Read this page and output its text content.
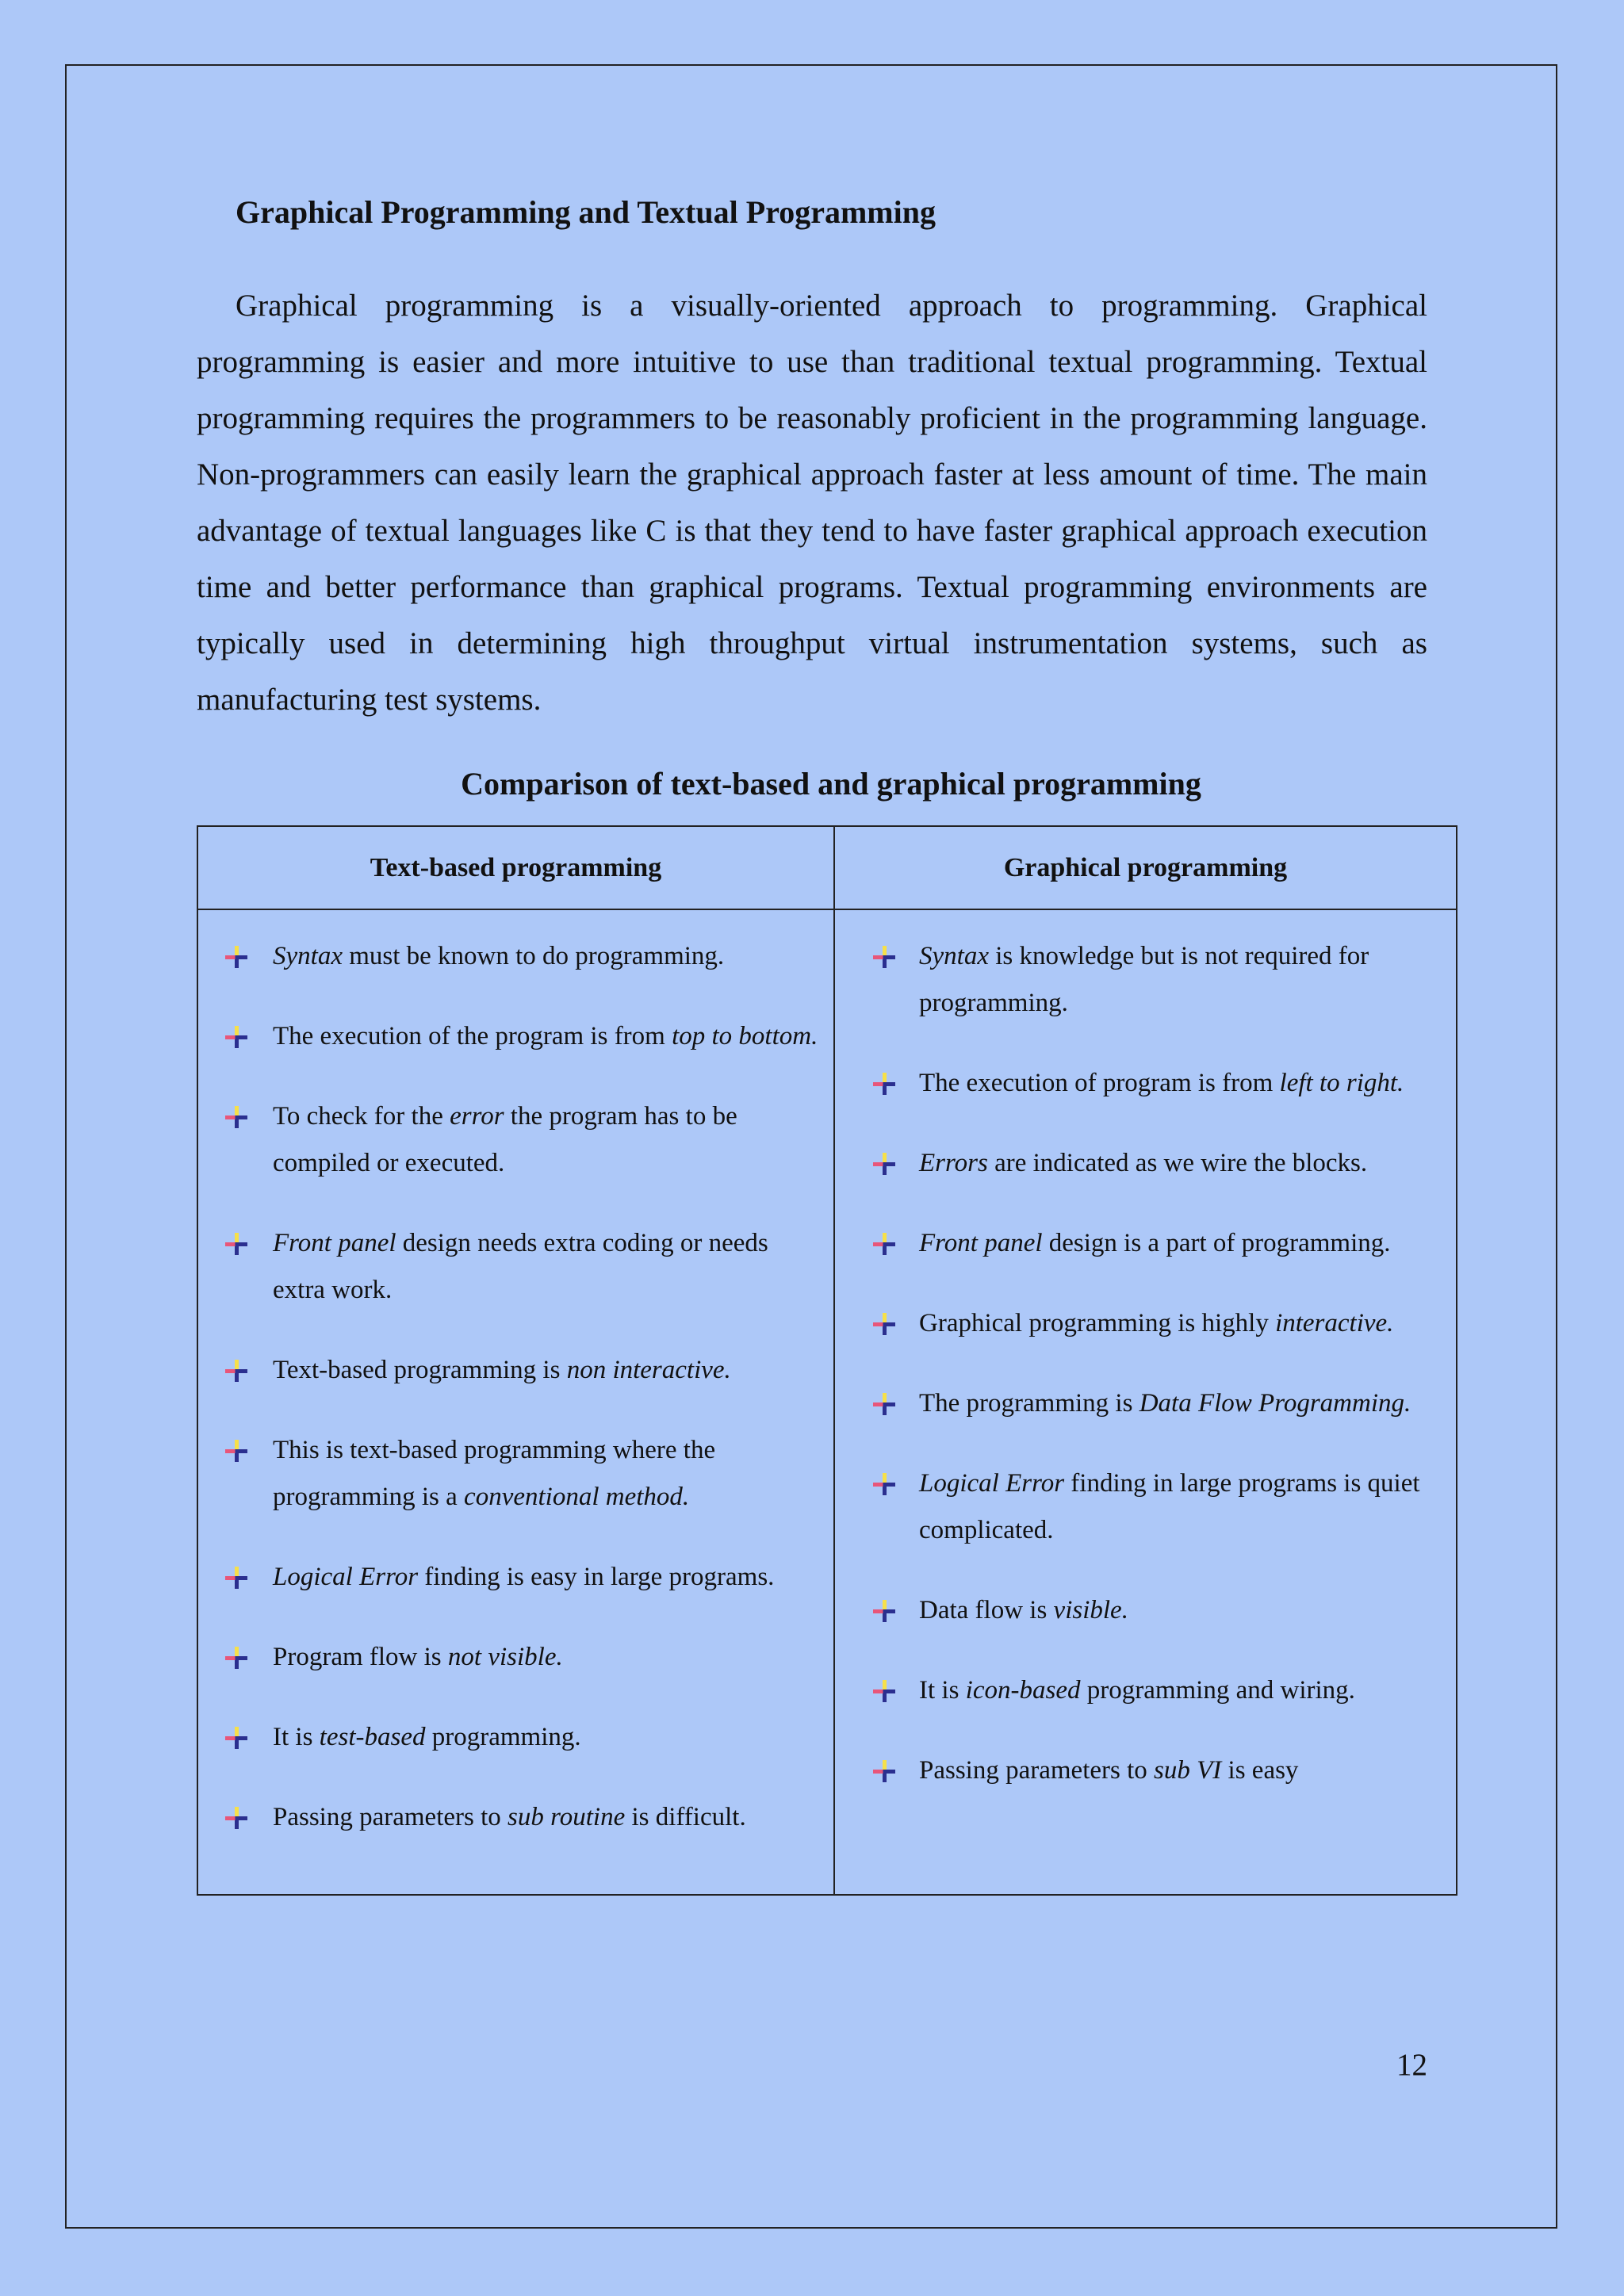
Graphical Programming and Textual Programming

Graphical programming is a visually-oriented approach to programming. Graphical programming is easier and more intuitive to use than traditional textual programming. Textual programming requires the programmers to be reasonably proficient in the programming language. Non-programmers can easily learn the graphical approach faster at less amount of time. The main advantage of textual languages like C is that they tend to have faster graphical approach execution time and better performance than graphical programs. Textual programming environments are typically used in determining high throughput virtual instrumentation systems, such as manufacturing test systems.

Comparison of text-based and graphical programming
Text-based programming	Graphical programming
Syntax must be known to do programming.
The execution of the program is from top to bottom.
To check for the error the program has to be compiled or executed.
Front panel design needs extra coding or needs extra work.
Text-based programming is non interactive.
This is text-based programming where the programming is a conventional method.
Logical Error finding is easy in large programs.
Program flow is not visible.
It is test-based programming.
Passing parameters to sub routine is difficult.
Syntax is knowledge but is not required for programming.
The execution of program is from left to right.
Errors are indicated as we wire the blocks.
Front panel design is a part of programming.
Graphical programming is highly interactive.
The programming is Data Flow Programming.
Logical Error finding in large programs is quiet complicated.
Data flow is visible.
It is icon-based programming and wiring.
Passing parameters to sub VI is easy
12
